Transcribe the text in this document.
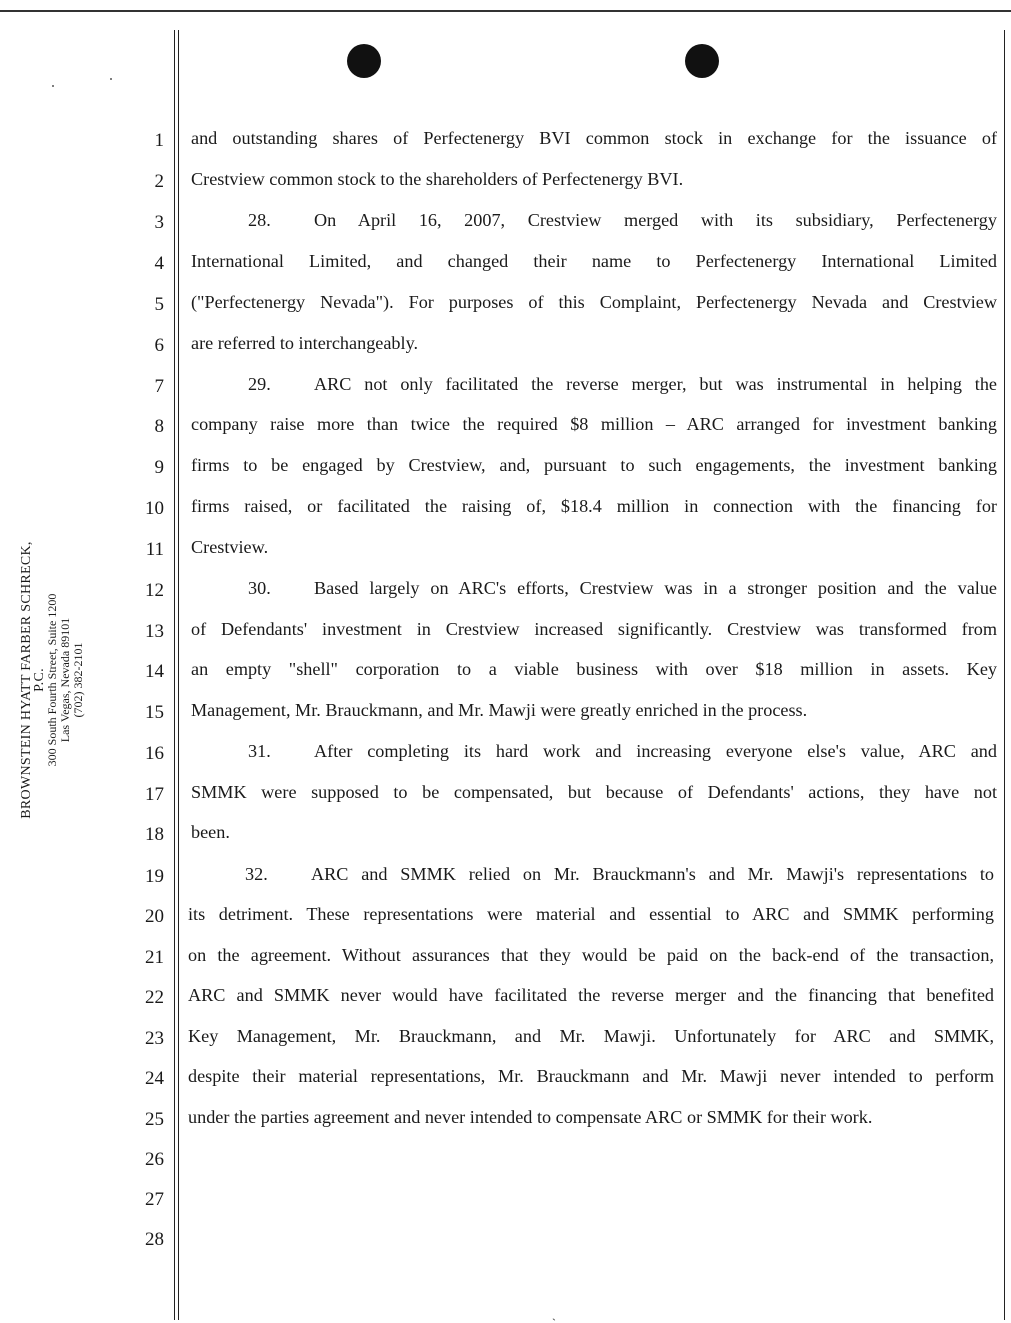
BROWNSTEIN HYATT FARBER SCHRECK, P.C.
300 South Fourth Street, Suite 1200 Las Vegas, Nevada 89101 (702) 382-2101
1
2
3
4
5
6
7
8
9
10
11
12
13
14
15
16
17
18
19
20
21
22
23
24
25
26
27
28
and outstanding shares of Perfectenergy BVI common stock in exchange for the issuance of
Crestview common stock to the shareholders of Perfectenergy BVI.
28. On April 16, 2007, Crestview merged with its subsidiary, Perfectenergy
International Limited, and changed their name to Perfectenergy International Limited
("Perfectenergy Nevada"). For purposes of this Complaint, Perfectenergy Nevada and Crestview
are referred to interchangeably.
29. ARC not only facilitated the reverse merger, but was instrumental in helping the
company raise more than twice the required $8 million – ARC arranged for investment banking
firms to be engaged by Crestview, and, pursuant to such engagements, the investment banking
firms raised, or facilitated the raising of, $18.4 million in connection with the financing for
Crestview.
30. Based largely on ARC's efforts, Crestview was in a stronger position and the value
of Defendants' investment in Crestview increased significantly. Crestview was transformed from
an empty "shell" corporation to a viable business with over $18 million in assets. Key
Management, Mr. Brauckmann, and Mr. Mawji were greatly enriched in the process.
31. After completing its hard work and increasing everyone else's value, ARC and
SMMK were supposed to be compensated, but because of Defendants' actions, they have not
been.
32. ARC and SMMK relied on Mr. Brauckmann's and Mr. Mawji's representations to
its detriment. These representations were material and essential to ARC and SMMK performing
on the agreement. Without assurances that they would be paid on the back-end of the transaction,
ARC and SMMK never would have facilitated the reverse merger and the financing that benefited
Key Management, Mr. Brauckmann, and Mr. Mawji. Unfortunately for ARC and SMMK,
despite their material representations, Mr. Brauckmann and Mr. Mawji never intended to perform
under the parties agreement and never intended to compensate ARC or SMMK for their work.
ˏ
